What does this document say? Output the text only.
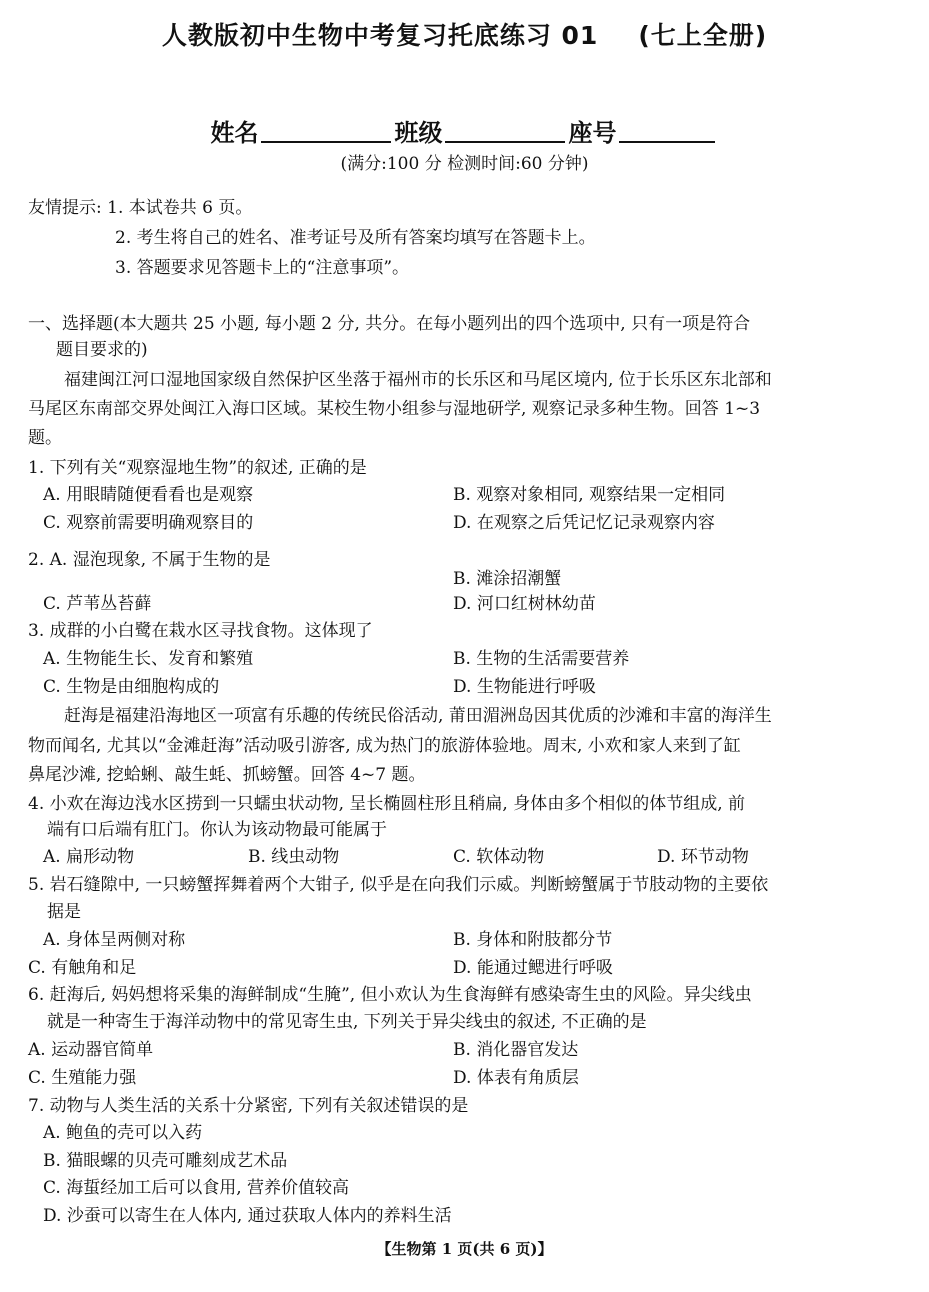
人教版初中生物中考复习托底练习 01 (七上全册)
姓名	班级	座号
(满分:100 分 检测时间:60 分钟)
友情提示: 1. 本试卷共 6 页。
2. 考生将自己的姓名、准考证号及所有答案均填写在答题卡上。
3. 答题要求见答题卡上的“注意事项”。
一、选择题(本大题共 25 小题, 每小题 2 分, 共分。在每小题列出的四个选项中, 只有一项是符合
题目要求的)
福建闽江河口湿地国家级自然保护区坐落于福州市的长乐区和马尾区境内, 位于长乐区东北部和
马尾区东南部交界处闽江入海口区域。某校生物小组参与湿地研学, 观察记录多种生物。回答 1~3
题。
1. 下列有关“观察湿地生物”的叙述, 正确的是
A. 用眼睛随便看看也是观察	B. 观察对象相同, 观察结果一定相同
C. 观察前需要明确观察目的	D. 在观察之后凭记忆记录观察内容
2. A. 湿泡现象, 不属于生物的是
B. 滩涂招潮蟹
C. 芦苇丛苔藓	D. 河口红树林幼苗
3. 成群的小白鹭在栽水区寻找食物。这体现了
A. 生物能生长、发育和繁殖	B. 生物的生活需要营养
C. 生物是由细胞构成的	D. 生物能进行呼吸
赶海是福建沿海地区一项富有乐趣的传统民俗活动, 莆田湄洲岛因其优质的沙滩和丰富的海洋生
物而闻名, 尤其以“金滩赶海”活动吸引游客, 成为热门的旅游体验地。周末, 小欢和家人来到了缸
鼻尾沙滩, 挖蛤蜊、敲生蚝、抓螃蟹。回答 4~7 题。
4. 小欢在海边浅水区捞到一只蠕虫状动物, 呈长椭圆柱形且稍扁, 身体由多个相似的体节组成, 前
端有口后端有肛门。你认为该动物最可能属于
A. 扁形动物	B. 线虫动物	C. 软体动物	D. 环节动物
5. 岩石缝隙中, 一只螃蟹挥舞着两个大钳子, 似乎是在向我们示威。判断螃蟹属于节肢动物的主要依
据是
A. 身体呈两侧对称	B. 身体和附肢都分节
C. 有触角和足	D. 能通过鳃进行呼吸
6. 赶海后, 妈妈想将采集的海鲜制成“生腌”, 但小欢认为生食海鲜有感染寄生虫的风险。异尖线虫
就是一种寄生于海洋动物中的常见寄生虫, 下列关于异尖线虫的叙述, 不正确的是
A. 运动器官简单	B. 消化器官发达
C. 生殖能力强	D. 体表有角质层
7. 动物与人类生活的关系十分紧密, 下列有关叙述错误的是
A. 鲍鱼的壳可以入药
B. 猫眼螺的贝壳可雕刻成艺术品
C. 海蜇经加工后可以食用, 营养价值较高
D. 沙蚕可以寄生在人体内, 通过获取人体内的养料生活
【生物第 1 页(共 6 页)】
